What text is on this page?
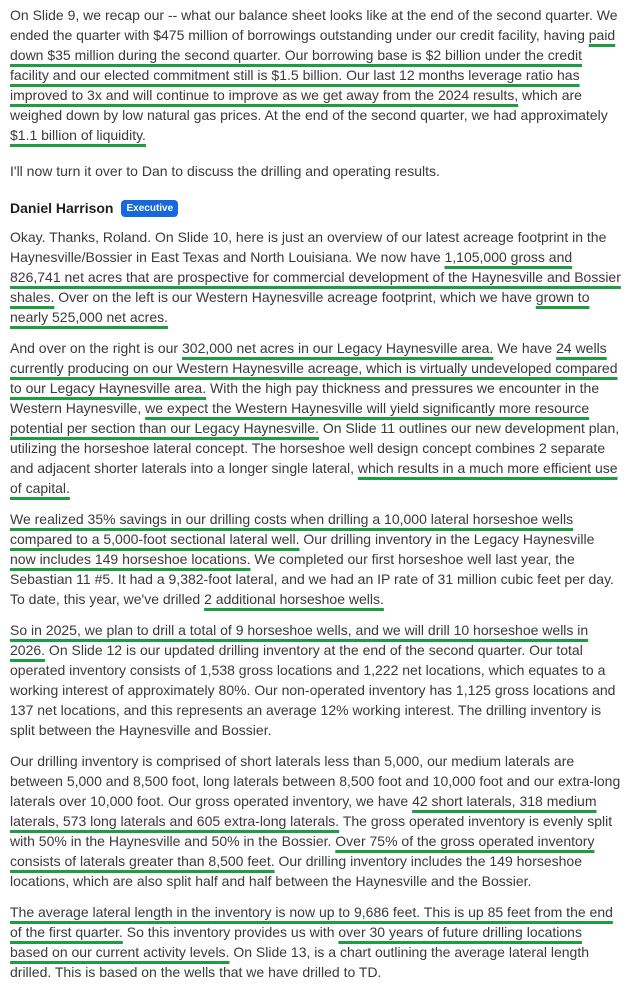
On Slide 9, we recap our -- what our balance sheet looks like at the end of the second quarter. We ended the quarter with $475 million of borrowings outstanding under our credit facility, having paid down $35 million during the second quarter. Our borrowing base is $2 billion under the credit facility and our elected commitment still is $1.5 billion. Our last 12 months leverage ratio has improved to 3x and will continue to improve as we get away from the 2024 results, which are weighed down by low natural gas prices. At the end of the second quarter, we had approximately $1.1 billion of liquidity.

I'll now turn it over to Dan to discuss the drilling and operating results.

Daniel Harrison	Executive

Okay. Thanks, Roland. On Slide 10, here is just an overview of our latest acreage footprint in the Haynesville/Bossier in East Texas and North Louisiana. We now have 1,105,000 gross and 826,741 net acres that are prospective for commercial development of the Haynesville and Bossier shales. Over on the left is our Western Haynesville acreage footprint, which we have grown to nearly 525,000 net acres.

And over on the right is our 302,000 net acres in our Legacy Haynesville area. We have 24 wells currently producing on our Western Haynesville acreage, which is virtually undeveloped compared to our Legacy Haynesville area. With the high pay thickness and pressures we encounter in the Western Haynesville, we expect the Western Haynesville will yield significantly more resource potential per section than our Legacy Haynesville. On Slide 11 outlines our new development plan, utilizing the horseshoe lateral concept. The horseshoe well design concept combines 2 separate and adjacent shorter laterals into a longer single lateral, which results in a much more efficient use of capital.

We realized 35% savings in our drilling costs when drilling a 10,000 lateral horseshoe wells compared to a 5,000-foot sectional lateral well. Our drilling inventory in the Legacy Haynesville now includes 149 horseshoe locations. We completed our first horseshoe well last year, the Sebastian 11 #5. It had a 9,382-foot lateral, and we had an IP rate of 31 million cubic feet per day. To date, this year, we've drilled 2 additional horseshoe wells.

So in 2025, we plan to drill a total of 9 horseshoe wells, and we will drill 10 horseshoe wells in 2026. On Slide 12 is our updated drilling inventory at the end of the second quarter. Our total operated inventory consists of 1,538 gross locations and 1,222 net locations, which equates to a working interest of approximately 80%. Our non-operated inventory has 1,125 gross locations and 137 net locations, and this represents an average 12% working interest. The drilling inventory is split between the Haynesville and Bossier.

Our drilling inventory is comprised of short laterals less than 5,000, our medium laterals are between 5,000 and 8,500 foot, long laterals between 8,500 foot and 10,000 foot and our extra-long laterals over 10,000 foot. Our gross operated inventory, we have 42 short laterals, 318 medium laterals, 573 long laterals and 605 extra-long laterals. The gross operated inventory is evenly split with 50% in the Haynesville and 50% in the Bossier. Over 75% of the gross operated inventory consists of laterals greater than 8,500 feet. Our drilling inventory includes the 149 horseshoe locations, which are also split half and half between the Haynesville and the Bossier.

The average lateral length in the inventory is now up to 9,686 feet. This is up 85 feet from the end of the first quarter. So this inventory provides us with over 30 years of future drilling locations based on our current activity levels. On Slide 13, is a chart outlining the average lateral length drilled. This is based on the wells that we have drilled to TD.
